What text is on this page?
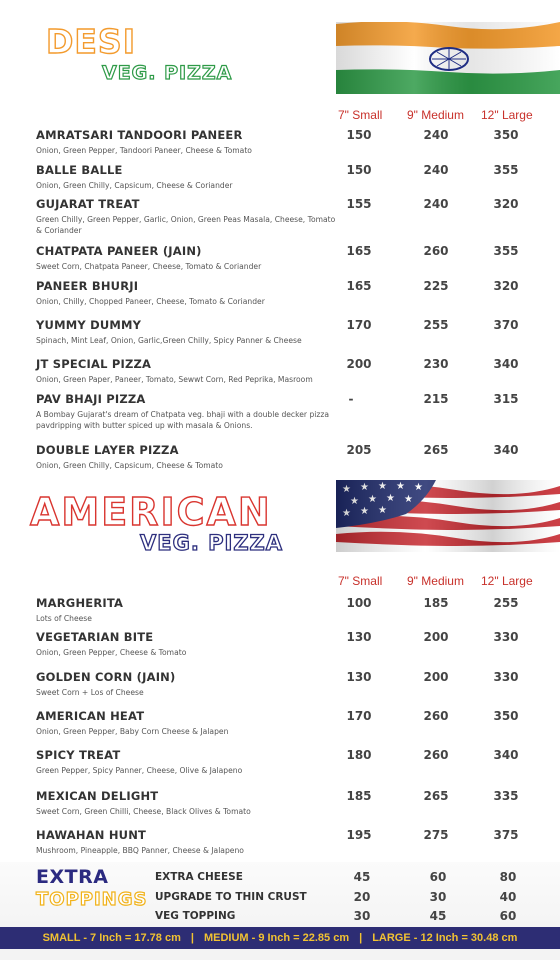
DESI
VEG. PIZZA
7" Small 9" Medium 12" Large
AMRATSARI TANDOORI PANEER
Onion, Green Pepper, Tandoori Paneer, Cheese & Tomato
150	240	350
BALLE BALLE
Onion, Green Chilly, Capsicum, Cheese & Coriander
150	240	355
GUJARAT TREAT
Green Chilly, Green Pepper, Garlic, Onion, Green Peas Masala, Cheese, Tomato & Coriander
155	240	320
CHATPATA PANEER (JAIN)
Sweet Corn, Chatpata Paneer, Cheese, Tomato & Coriander
165	260	355
PANEER BHURJI
Onion, Chilly, Chopped Paneer, Cheese, Tomato & Coriander
165	225	320
YUMMY DUMMY
Spinach, Mint Leaf, Onion, Garlic,Green Chilly, Spicy Panner & Cheese
170	255	370
JT SPECIAL PIZZA
Onion, Green Paper, Paneer, Tomato, Sewwt Corn, Red Peprika, Masroom
200	230	340
PAV BHAJI PIZZA
A Bombay Gujarat's dream of Chatpata veg. bhaji with a double decker pizza pavdripping with butter spiced up with masala & Onions.
-	215	315
DOUBLE LAYER PIZZA
Onion, Green Chilly, Capsicum, Cheese & Tomato
205	265	340
AMERICAN
VEG. PIZZA
7" Small 9" Medium 12" Large
MARGHERITA
Lots of Cheese
100	185	255
VEGETARIAN BITE
Onion, Green Pepper, Cheese & Tomato
130	200	330
GOLDEN CORN (JAIN)
Sweet Corn + Los of Cheese
130	200	330
AMERICAN HEAT
Onion, Green Pepper, Baby Corn Cheese & Jalapen
170	260	350
SPICY TREAT
Green Pepper, Spicy Panner, Cheese, Olive & Jalapeno
180	260	340
MEXICAN DELIGHT
Sweet Corn, Green Chilli, Cheese, Black Olives & Tomato
185	265	335
HAWAHAN HUNT
Mushroom, Pineapple, BBQ Panner, Cheese & Jalapeno
195	275	375
EXTRA
TOPPINGS
EXTRA CHEESE	45	60	80
UPGRADE TO THIN CRUST	20	30	40
VEG TOPPING	30	45	60
SMALL - 7 Inch = 17.78 cm | MEDIUM - 9 Inch = 22.85 cm | LARGE - 12 Inch = 30.48 cm
